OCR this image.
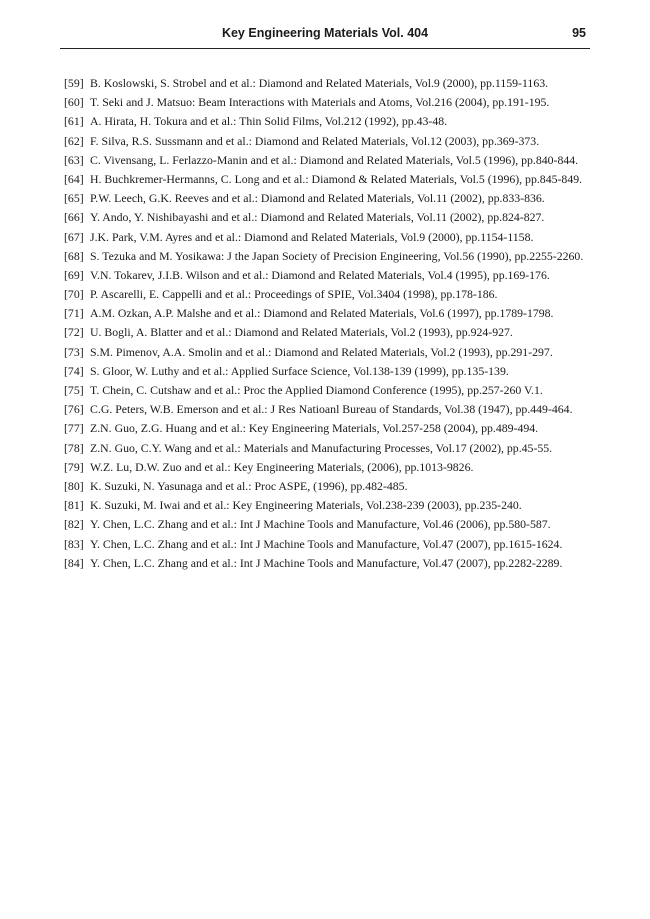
Key Engineering Materials Vol. 404	95
[59] B. Koslowski, S. Strobel and et al.: Diamond and Related Materials, Vol.9 (2000), pp.1159-1163.
[60] T. Seki and J. Matsuo: Beam Interactions with Materials and Atoms, Vol.216 (2004), pp.191-195.
[61] A. Hirata, H. Tokura and et al.: Thin Solid Films, Vol.212 (1992), pp.43-48.
[62] F. Silva, R.S. Sussmann and et al.: Diamond and Related Materials, Vol.12 (2003), pp.369-373.
[63] C. Vivensang, L. Ferlazzo-Manin and et al.: Diamond and Related Materials, Vol.5 (1996), pp.840-844.
[64] H. Buchkremer-Hermanns, C. Long and et al.: Diamond & Related Materials, Vol.5 (1996), pp.845-849.
[65] P.W. Leech, G.K. Reeves and et al.: Diamond and Related Materials, Vol.11 (2002), pp.833-836.
[66] Y. Ando, Y. Nishibayashi and et al.: Diamond and Related Materials, Vol.11 (2002), pp.824-827.
[67] J.K. Park, V.M. Ayres and et al.: Diamond and Related Materials, Vol.9 (2000), pp.1154-1158.
[68] S. Tezuka and M. Yosikawa: J the Japan Society of Precision Engineering, Vol.56 (1990), pp.2255-2260.
[69] V.N. Tokarev, J.I.B. Wilson and et al.: Diamond and Related Materials, Vol.4 (1995), pp.169-176.
[70] P. Ascarelli, E. Cappelli and et al.: Proceedings of SPIE, Vol.3404 (1998), pp.178-186.
[71] A.M. Ozkan, A.P. Malshe and et al.: Diamond and Related Materials, Vol.6 (1997), pp.1789-1798.
[72] U. Bogli, A. Blatter and et al.: Diamond and Related Materials, Vol.2 (1993), pp.924-927.
[73] S.M. Pimenov, A.A. Smolin and et al.: Diamond and Related Materials, Vol.2 (1993), pp.291-297.
[74] S. Gloor, W. Luthy and et al.: Applied Surface Science, Vol.138-139 (1999), pp.135-139.
[75] T. Chein, C. Cutshaw and et al.: Proc the Applied Diamond Conference (1995), pp.257-260 V.1.
[76] C.G. Peters, W.B. Emerson and et al.: J Res Natioanl Bureau of Standards, Vol.38 (1947), pp.449-464.
[77] Z.N. Guo, Z.G. Huang and et al.: Key Engineering Materials, Vol.257-258 (2004), pp.489-494.
[78] Z.N. Guo, C.Y. Wang and et al.: Materials and Manufacturing Processes, Vol.17 (2002), pp.45-55.
[79] W.Z. Lu, D.W. Zuo and et al.: Key Engineering Materials, (2006), pp.1013-9826.
[80] K. Suzuki, N. Yasunaga and et al.: Proc ASPE, (1996), pp.482-485.
[81] K. Suzuki, M. Iwai and et al.: Key Engineering Materials, Vol.238-239 (2003), pp.235-240.
[82] Y. Chen, L.C. Zhang and et al.: Int J Machine Tools and Manufacture, Vol.46 (2006), pp.580-587.
[83] Y. Chen, L.C. Zhang and et al.: Int J Machine Tools and Manufacture, Vol.47 (2007), pp.1615-1624.
[84] Y. Chen, L.C. Zhang and et al.: Int J Machine Tools and Manufacture, Vol.47 (2007), pp.2282-2289.
